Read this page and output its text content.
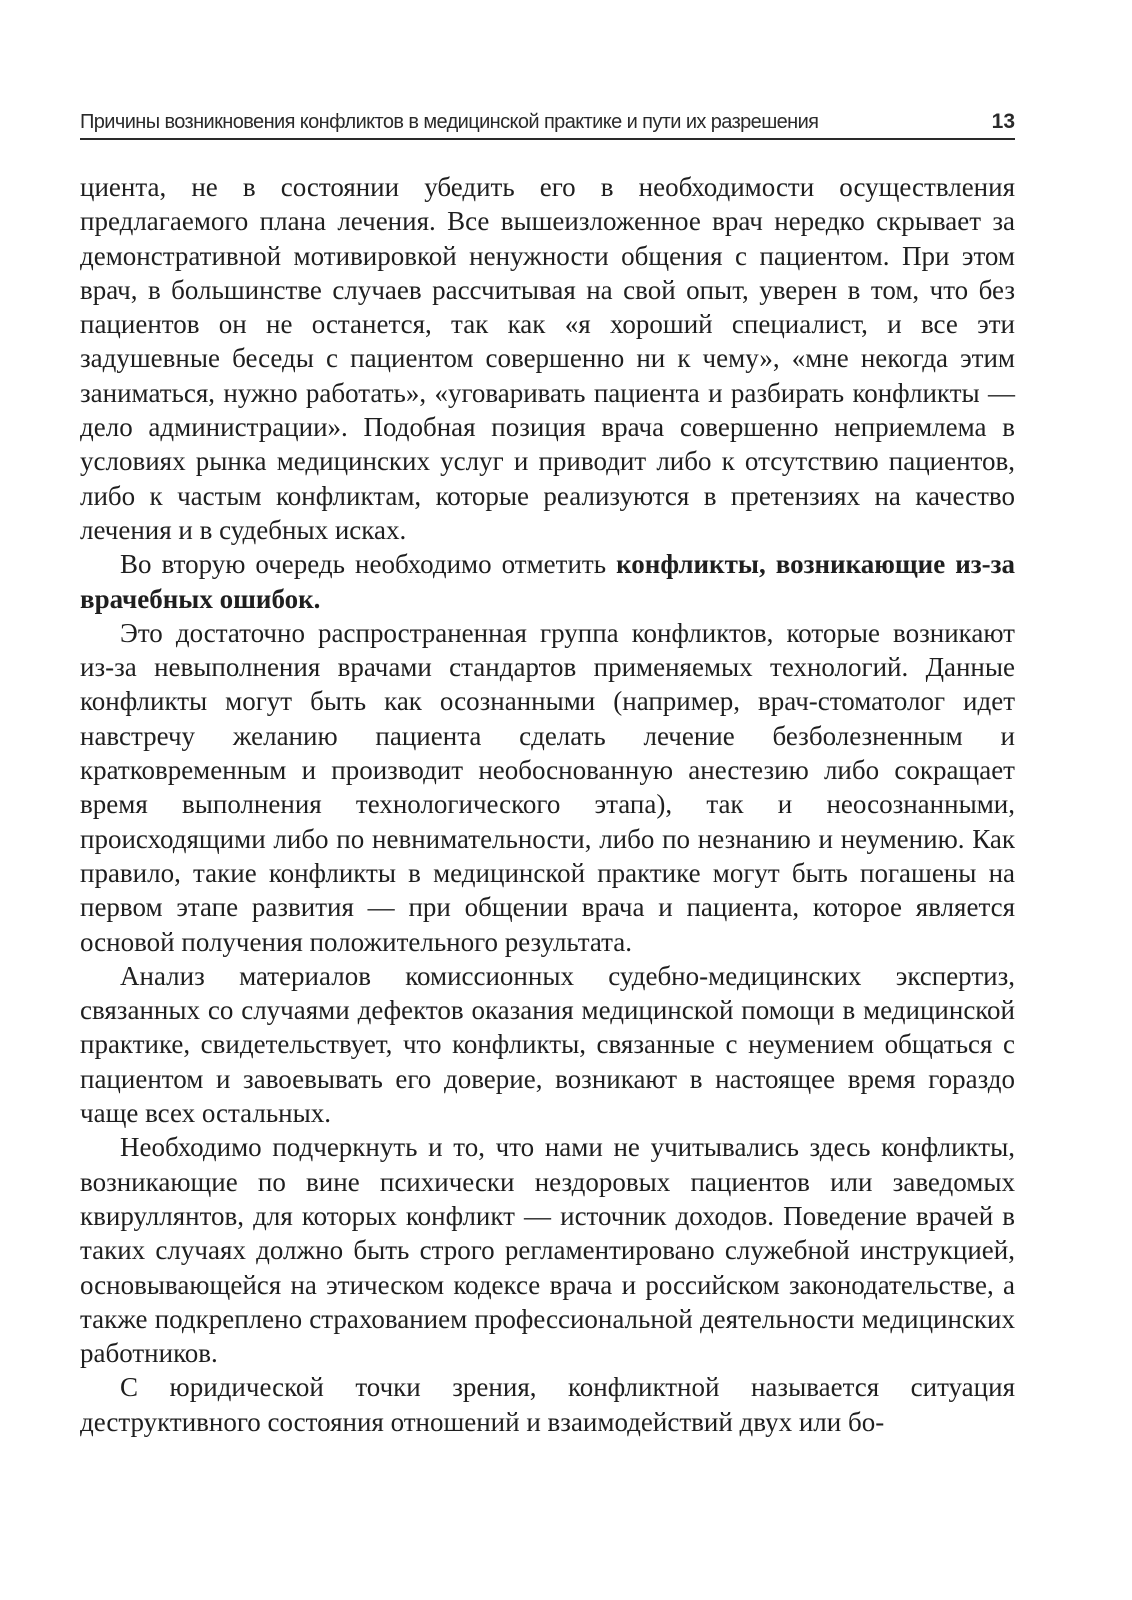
Причины возникновения конфликтов в медицинской практике и пути их разрешения	13

циента, не в состоянии убедить его в необходимости осуществления предлагаемого плана лечения. Все вышеизложенное врач нередко скрывает за демонстративной мотивировкой ненужности общения с пациентом. При этом врач, в большинстве случаев рассчитывая на свой опыт, уверен в том, что без пациентов он не останется, так как «я хороший специалист, и все эти задушевные беседы с пациентом совершенно ни к чему», «мне некогда этим заниматься, нужно работать», «уговаривать пациента и разбирать конфликты — дело администрации». Подобная позиция врача совершенно неприемлема в условиях рынка медицинских услуг и приводит либо к отсутствию пациентов, либо к частым конфликтам, которые реализуются в претензиях на качество лечения и в судебных исках.

Во вторую очередь необходимо отметить конфликты, возникающие из-за врачебных ошибок.

Это достаточно распространенная группа конфликтов, которые возникают из-за невыполнения врачами стандартов применяемых технологий. Данные конфликты могут быть как осознанными (например, врач-стоматолог идет навстречу желанию пациента сделать лечение безболезненным и кратковременным и производит необоснованную анестезию либо сокращает время выполнения технологического этапа), так и неосознанными, происходящими либо по невнимательности, либо по незнанию и неумению. Как правило, такие конфликты в медицинской практике могут быть погашены на первом этапе развития — при общении врача и пациента, которое является основой получения положительного результата.

Анализ материалов комиссионных судебно-медицинских экспертиз, связанных со случаями дефектов оказания медицинской помощи в медицинской практике, свидетельствует, что конфликты, связанные с неумением общаться с пациентом и завоевывать его доверие, возникают в настоящее время гораздо чаще всех остальных.

Необходимо подчеркнуть и то, что нами не учитывались здесь конфликты, возникающие по вине психически нездоровых пациентов или заведомых квируллянтов, для которых конфликт — источник доходов. Поведение врачей в таких случаях должно быть строго регламентировано служебной инструкцией, основывающейся на этическом кодексе врача и российском законодательстве, а также подкреплено страхованием профессиональной деятельности медицинских работников.

С юридической точки зрения, конфликтной называется ситуация деструктивного состояния отношений и взаимодействий двух или бо-
